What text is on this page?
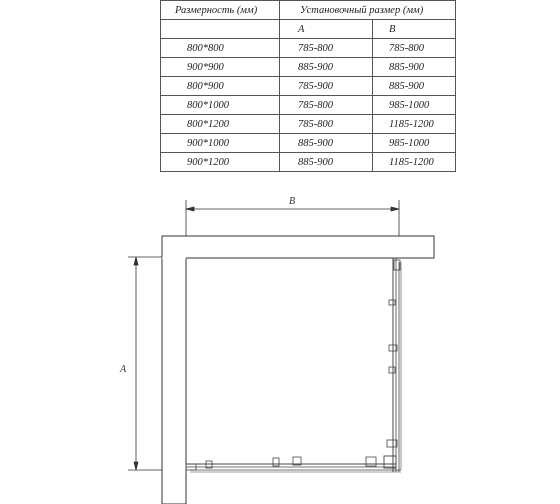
Размерность (мм)	Установочный размер (мм)	
	A	B
800*800	785-800	785-800
900*900	885-900	885-900
800*900	785-900	885-900
800*1000	785-800	985-1000
800*1200	785-800	1185-1200
900*1000	885-900	985-1000
900*1200	885-900	1185-1200
B
A
